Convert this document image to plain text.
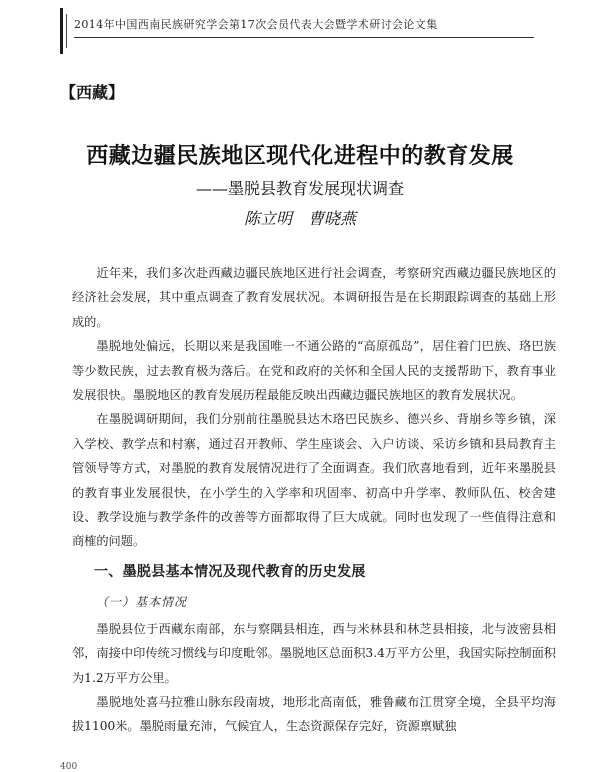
2014年中国西南民族研究学会第17次会员代表大会暨学术研讨会论文集
【西藏】
西藏边疆民族地区现代化进程中的教育发展
——墨脱县教育发展现状调查
陈立明　曹晓燕

近年来，我们多次赴西藏边疆民族地区进行社会调查，考察研究西藏边疆民族地区的经济社会发展，其中重点调查了教育发展状况。本调研报告是在长期跟踪调查的基础上形成的。

墨脱地处偏远，长期以来是我国唯一不通公路的“高原孤岛”，居住着门巴族、珞巴族等少数民族，过去教育极为落后。在党和政府的关怀和全国人民的支援帮助下，教育事业发展很快。墨脱地区的教育发展历程最能反映出西藏边疆民族地区的教育发展状况。

在墨脱调研期间，我们分别前往墨脱县达木珞巴民族乡、德兴乡、背崩乡等乡镇，深入学校、教学点和村寨，通过召开教师、学生座谈会、入户访谈、采访乡镇和县局教育主管领导等方式，对墨脱的教育发展情况进行了全面调查。我们欣喜地看到，近年来墨脱县的教育事业发展很快，在小学生的入学率和巩固率、初高中升学率、教师队伍、校舍建设、教学设施与教学条件的改善等方面都取得了巨大成就。同时也发现了一些值得注意和商榷的问题。

一、墨脱县基本情况及现代教育的历史发展

（一）基本情况

墨脱县位于西藏东南部，东与察隅县相连，西与米林县和林芝县相接，北与波密县相邻，南接中印传统习惯线与印度毗邻。墨脱地区总面积3.4万平方公里，我国实际控制面积为1.2万平方公里。

墨脱地处喜马拉雅山脉东段南坡，地形北高南低，雅鲁藏布江贯穿全境，全县平均海拔1100米。墨脱雨量充沛，气候宜人，生态资源保存完好，资源禀赋独

400
